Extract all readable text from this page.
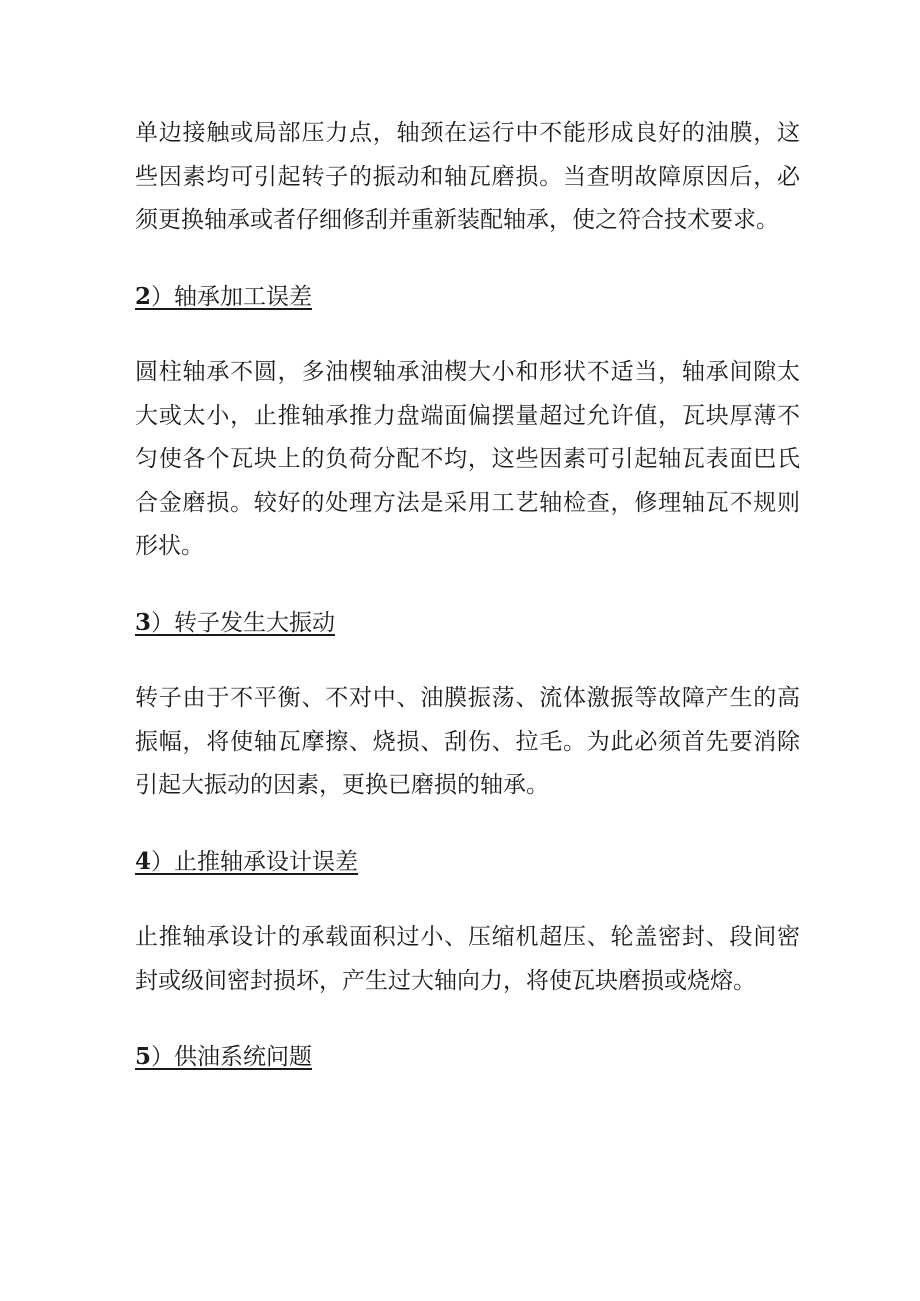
单边接触或局部压力点，轴颈在运行中不能形成良好的油膜，这些因素均可引起转子的振动和轴瓦磨损。当查明故障原因后，必须更换轴承或者仔细修刮并重新装配轴承，使之符合技术要求。

2）轴承加工误差

圆柱轴承不圆，多油楔轴承油楔大小和形状不适当，轴承间隙太大或太小，止推轴承推力盘端面偏摆量超过允许值，瓦块厚薄不匀使各个瓦块上的负荷分配不均，这些因素可引起轴瓦表面巴氏合金磨损。较好的处理方法是采用工艺轴检查，修理轴瓦不规则形状。

3）转子发生大振动

转子由于不平衡、不对中、油膜振荡、流体激振等故障产生的高振幅，将使轴瓦摩擦、烧损、刮伤、拉毛。为此必须首先要消除引起大振动的因素，更换已磨损的轴承。

4）止推轴承设计误差

止推轴承设计的承载面积过小、压缩机超压、轮盖密封、段间密封或级间密封损坏，产生过大轴向力，将使瓦块磨损或烧熔。

5）供油系统问题
